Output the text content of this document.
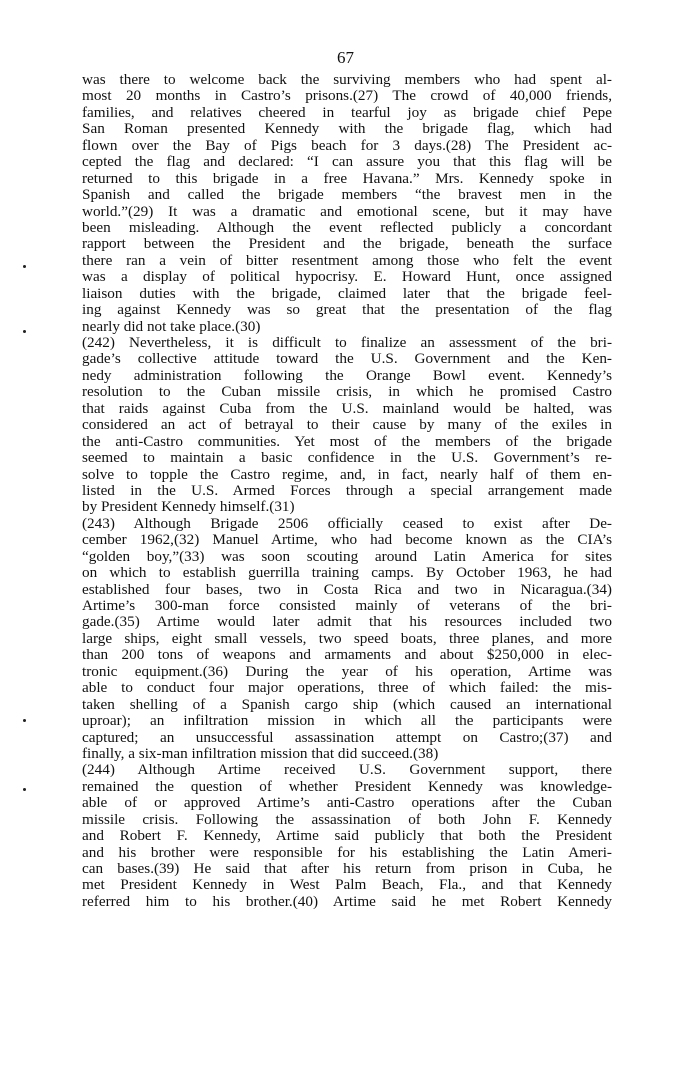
67
was there to welcome back the surviving members who had spent al-
most 20 months in Castro’s prisons.(27) The crowd of 40,000 friends,
families, and relatives cheered in tearful joy as brigade chief Pepe
San Roman presented Kennedy with the brigade flag, which had
flown over the Bay of Pigs beach for 3 days.(28) The President ac-
cepted the flag and declared: “I can assure you that this flag will be
returned to this brigade in a free Havana.” Mrs. Kennedy spoke in
Spanish and called the brigade members “the bravest men in the
world.”(29) It was a dramatic and emotional scene, but it may have
been misleading. Although the event reflected publicly a concordant
rapport between the President and the brigade, beneath the surface
there ran a vein of bitter resentment among those who felt the event
was a display of political hypocrisy. E. Howard Hunt, once assigned
liaison duties with the brigade, claimed later that the brigade feel-
ing against Kennedy was so great that the presentation of the flag
nearly did not take place.(30)
(242) Nevertheless, it is difficult to finalize an assessment of the bri-
gade’s collective attitude toward the U.S. Government and the Ken-
nedy administration following the Orange Bowl event. Kennedy’s
resolution to the Cuban missile crisis, in which he promised Castro
that raids against Cuba from the U.S. mainland would be halted, was
considered an act of betrayal to their cause by many of the exiles in
the anti-Castro communities. Yet most of the members of the brigade
seemed to maintain a basic confidence in the U.S. Government’s re-
solve to topple the Castro regime, and, in fact, nearly half of them en-
listed in the U.S. Armed Forces through a special arrangement made
by President Kennedy himself.(31)
(243) Although Brigade 2506 officially ceased to exist after De-
cember 1962,(32) Manuel Artime, who had become known as the CIA’s
“golden boy,”(33) was soon scouting around Latin America for sites
on which to establish guerrilla training camps. By October 1963, he had
established four bases, two in Costa Rica and two in Nicaragua.(34)
Artime’s 300-man force consisted mainly of veterans of the bri-
gade.(35) Artime would later admit that his resources included two
large ships, eight small vessels, two speed boats, three planes, and more
than 200 tons of weapons and armaments and about $250,000 in elec-
tronic equipment.(36) During the year of his operation, Artime was
able to conduct four major operations, three of which failed: the mis-
taken shelling of a Spanish cargo ship (which caused an international
uproar); an infiltration mission in which all the participants were
captured; an unsuccessful assassination attempt on Castro;(37) and
finally, a six-man infiltration mission that did succeed.(38)
(244) Although Artime received U.S. Government support, there
remained the question of whether President Kennedy was knowledge-
able of or approved Artime’s anti-Castro operations after the Cuban
missile crisis. Following the assassination of both John F. Kennedy
and Robert F. Kennedy, Artime said publicly that both the President
and his brother were responsible for his establishing the Latin Ameri-
can bases.(39) He said that after his return from prison in Cuba, he
met President Kennedy in West Palm Beach, Fla., and that Kennedy
referred him to his brother.(40) Artime said he met Robert Kennedy
